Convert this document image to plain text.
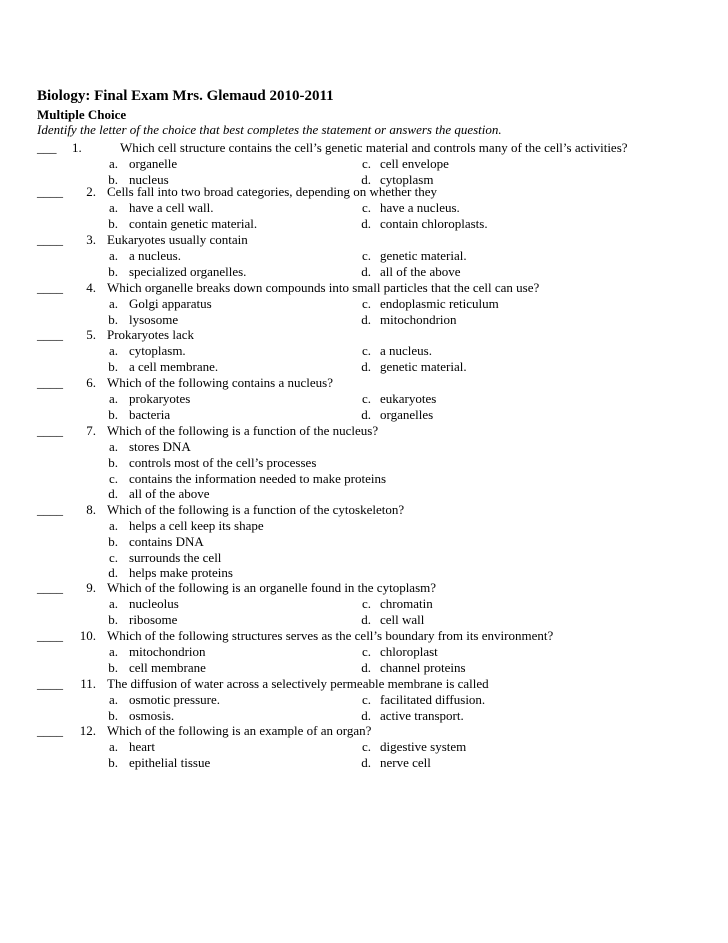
Biology: Final Exam Mrs. Glemaud 2010-2011
Multiple Choice
Identify the letter of the choice that best completes the statement or answers the question.
___ 1.	Which cell structure contains the cell’s genetic material and controls many of the cell’s activities?
a. organelle	c. cell envelope
b. nucleus	d. cytoplasm
____	2. Cells fall into two broad categories, depending on whether they
a. have a cell wall.	c. have a nucleus.
b. contain genetic material.	d. contain chloroplasts.
____	3. Eukaryotes usually contain
a. a nucleus.	c. genetic material.
b. specialized organelles.	d. all of the above
____	4. Which organelle breaks down compounds into small particles that the cell can use?
a. Golgi apparatus	c. endoplasmic reticulum
b. lysosome	d. mitochondrion
____	5. Prokaryotes lack
a. cytoplasm.	c. a nucleus.
b. a cell membrane.	d. genetic material.
____	6. Which of the following contains a nucleus?
a. prokaryotes	c. eukaryotes
b. bacteria	d. organelles
____	7. Which of the following is a function of the nucleus?
a. stores DNA
b. controls most of the cell’s processes
c. contains the information needed to make proteins
d. all of the above
____	8. Which of the following is a function of the cytoskeleton?
a. helps a cell keep its shape
b. contains DNA
c. surrounds the cell
d. helps make proteins
____	9. Which of the following is an organelle found in the cytoplasm?
a. nucleolus	c. chromatin
b. ribosome	d. cell wall
____	10. Which of the following structures serves as the cell’s boundary from its environment?
a. mitochondrion	c. chloroplast
b. cell membrane	d. channel proteins
____	11. The diffusion of water across a selectively permeable membrane is called
a. osmotic pressure.	c. facilitated diffusion.
b. osmosis.	d. active transport.
____	12. Which of the following is an example of an organ?
a. heart	c. digestive system
b. epithelial tissue	d. nerve cell
